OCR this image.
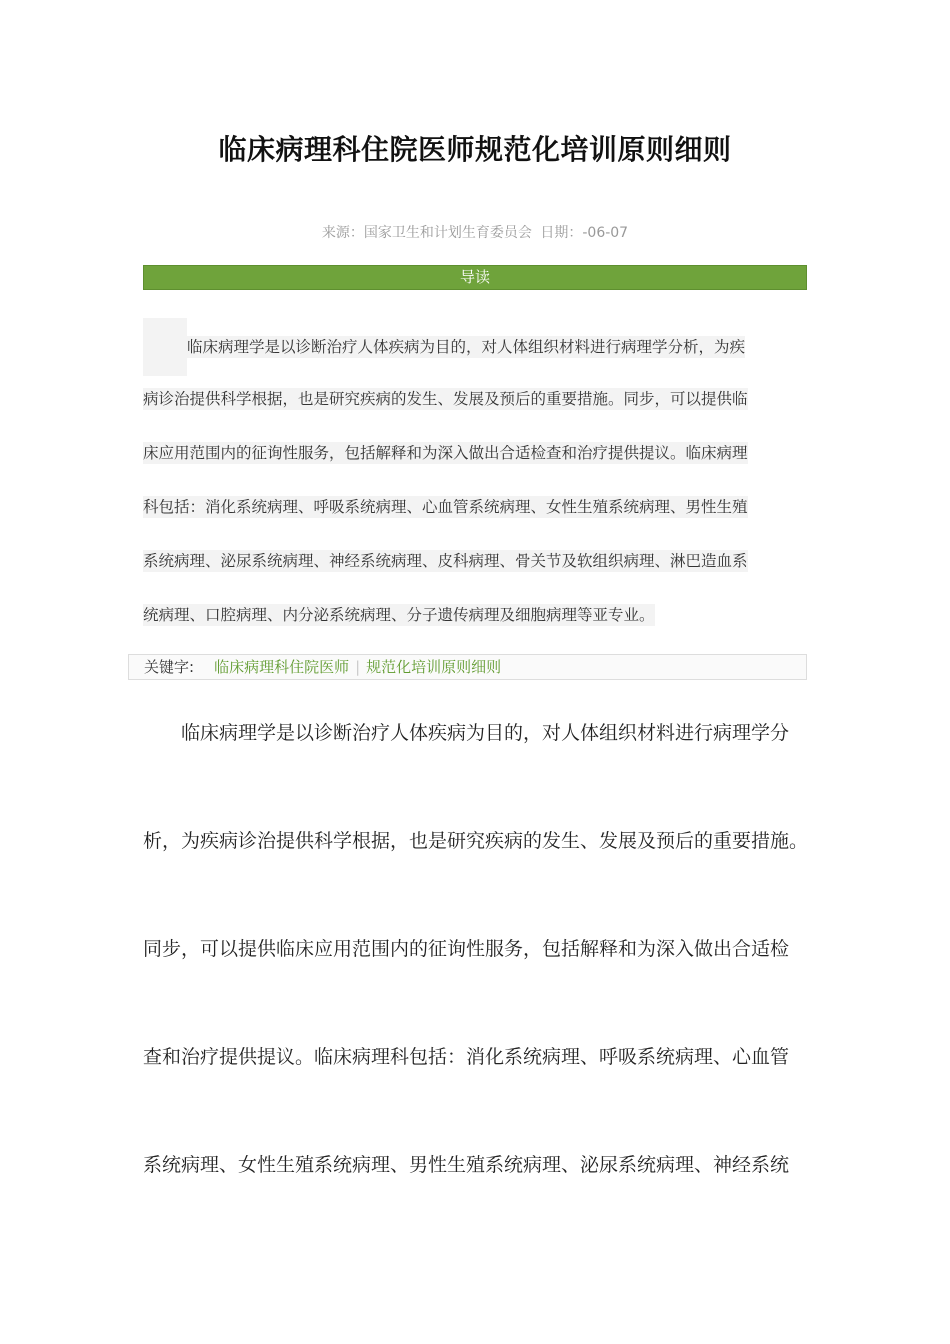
临床病理科住院医师规范化培训原则细则
来源：国家卫生和计划生育委员会 日期：-06-07
导读
临床病理学是以诊断治疗人体疾病为目的，对人体组织材料进行病理学分析，为疾
病诊治提供科学根据，也是研究疾病的发生、发展及预后的重要措施。同步，可以提供临
床应用范围内的征询性服务，包括解释和为深入做出合适检查和治疗提供提议。临床病理
科包括：消化系统病理、呼吸系统病理、心血管系统病理、女性生殖系统病理、男性生殖
系统病理、泌尿系统病理、神经系统病理、皮科病理、骨关节及软组织病理、淋巴造血系
统病理、口腔病理、内分泌系统病理、分子遗传病理及细胞病理等亚专业。
关键字: 临床病理科住院医师 | 规范化培训原则细则
临床病理学是以诊断治疗人体疾病为目的，对人体组织材料进行病理学分
析，为疾病诊治提供科学根据，也是研究疾病的发生、发展及预后的重要措施。
同步，可以提供临床应用范围内的征询性服务，包括解释和为深入做出合适检
查和治疗提供提议。临床病理科包括：消化系统病理、呼吸系统病理、心血管
系统病理、女性生殖系统病理、男性生殖系统病理、泌尿系统病理、神经系统
